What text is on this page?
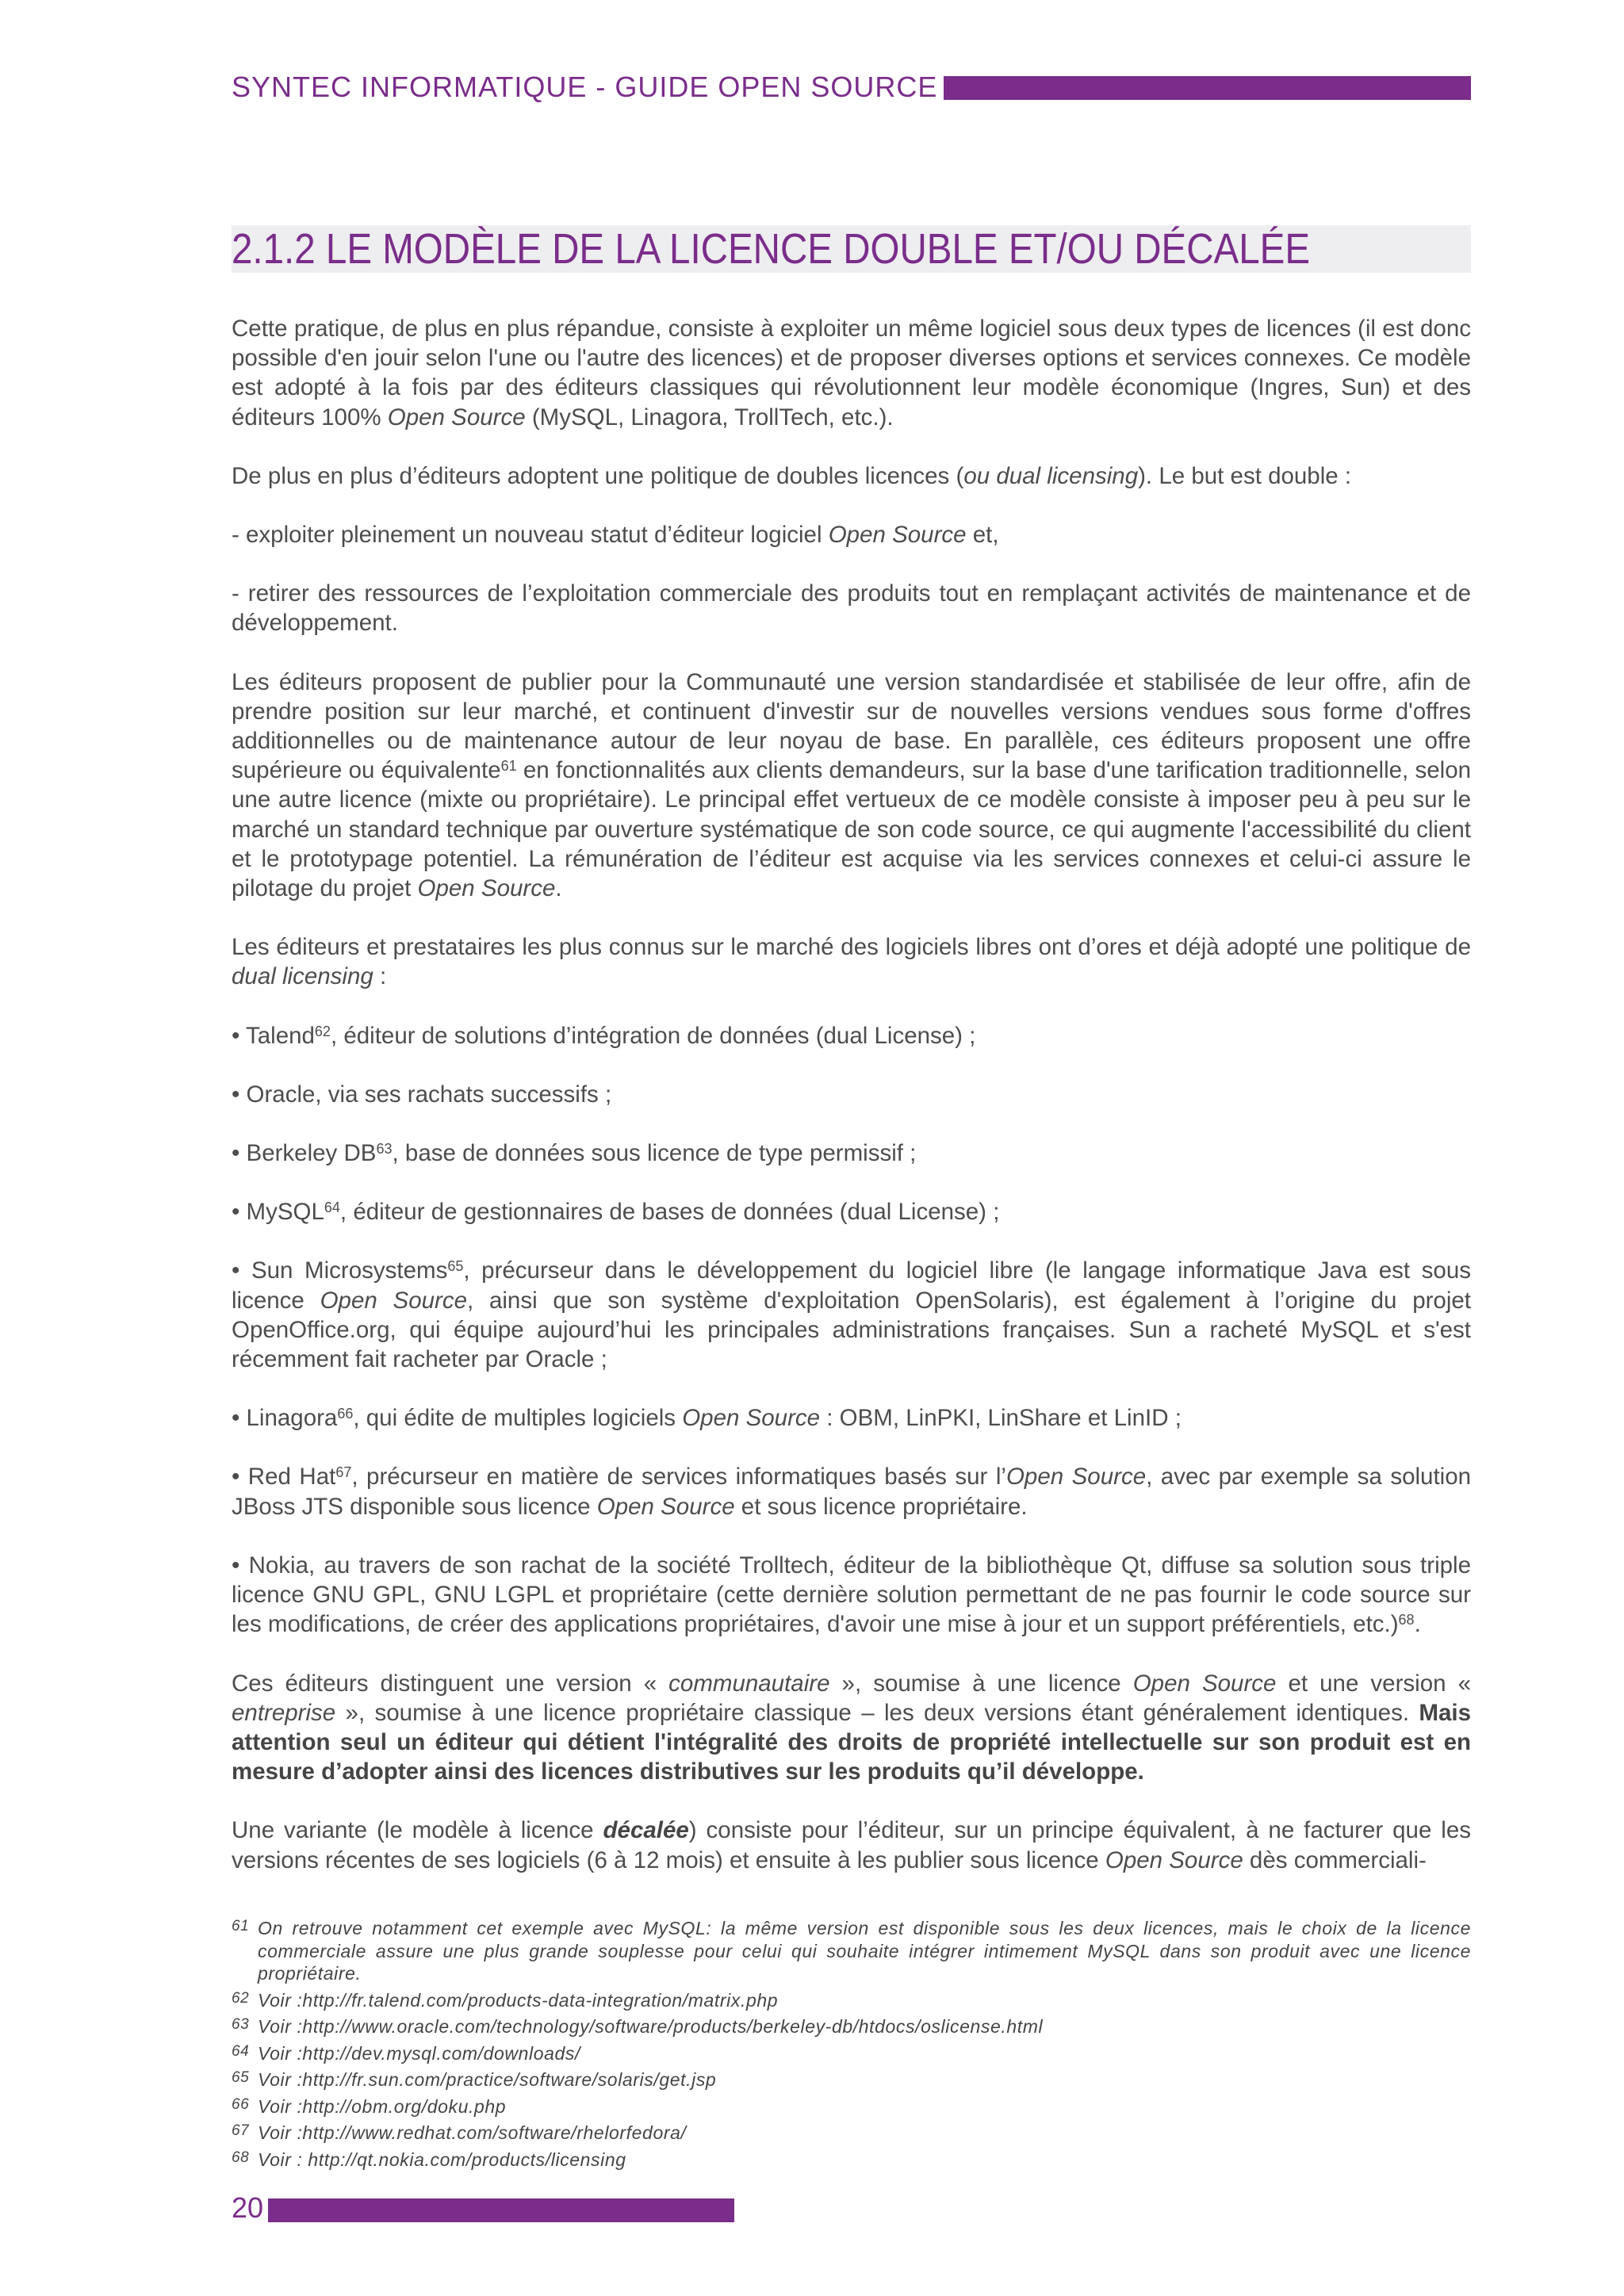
SYNTEC INFORMATIQUE - GUIDE OPEN SOURCE
2.1.2 LE MODÈLE DE LA LICENCE DOUBLE ET/OU DÉCALÉE

Cette pratique, de plus en plus répandue, consiste à exploiter un même logiciel sous deux types de licences (il est donc possible d'en jouir selon l'une ou l'autre des licences) et de proposer diverses options et services connexes. Ce modèle est adopté à la fois par des éditeurs classiques qui révolutionnent leur modèle économique (Ingres, Sun) et des éditeurs 100% Open Source (MySQL, Linagora, TrollTech, etc.).

De plus en plus d’éditeurs adoptent une politique de doubles licences (ou dual licensing). Le but est double :

- exploiter pleinement un nouveau statut d’éditeur logiciel Open Source et,

- retirer des ressources de l’exploitation commerciale des produits tout en remplaçant activités de maintenance et de développement.

Les éditeurs proposent de publier pour la Communauté une version standardisée et stabilisée de leur offre, afin de prendre position sur leur marché, et continuent d'investir sur de nouvelles versions vendues sous forme d'offres additionnelles ou de maintenance autour de leur noyau de base. En parallèle, ces éditeurs proposent une offre supérieure ou équivalente$^{61}$ en fonctionnalités aux clients demandeurs, sur la base d'une tarification traditionnelle, selon une autre licence (mixte ou propriétaire). Le principal effet vertueux de ce modèle consiste à imposer peu à peu sur le marché un standard technique par ouverture systématique de son code source, ce qui augmente l'accessibilité du client et le prototypage potentiel. La rémunération de l’éditeur est acquise via les services connexes et celui-ci assure le pilotage du projet Open Source.

Les éditeurs et prestataires les plus connus sur le marché des logiciels libres ont d’ores et déjà adopté une politique de dual licensing :

• Talend$^{62}$, éditeur de solutions d’intégration de données (dual License) ;

• Oracle, via ses rachats successifs ;

• Berkeley DB$^{63}$, base de données sous licence de type permissif ;

• MySQL$^{64}$, éditeur de gestionnaires de bases de données (dual License) ;

• Sun Microsystems$^{65}$, précurseur dans le développement du logiciel libre (le langage informatique Java est sous licence Open Source, ainsi que son système d'exploitation OpenSolaris), est également à l’origine du projet OpenOffice.org, qui équipe aujourd’hui les principales administrations françaises. Sun a racheté MySQL et s'est récemment fait racheter par Oracle ;

• Linagora$^{66}$, qui édite de multiples logiciels Open Source : OBM, LinPKI, LinShare et LinID ;

• Red Hat$^{67}$, précurseur en matière de services informatiques basés sur l’Open Source, avec par exemple sa solution JBoss JTS disponible sous licence Open Source et sous licence propriétaire.

• Nokia, au travers de son rachat de la société Trolltech, éditeur de la bibliothèque Qt, diffuse sa solution sous triple licence GNU GPL, GNU LGPL et propriétaire (cette dernière solution permettant de ne pas fournir le code source sur les modifications, de créer des applications propriétaires, d'avoir une mise à jour et un support préférentiels, etc.)$^{68}$.

Ces éditeurs distinguent une version « communautaire », soumise à une licence Open Source et une version « entreprise », soumise à une licence propriétaire classique – les deux versions étant généralement identiques. Mais attention seul un éditeur qui détient l'intégralité des droits de propriété intellectuelle sur son produit est en mesure d’adopter ainsi des licences distributives sur les produits qu’il développe.

Une variante (le modèle à licence décalée) consiste pour l’éditeur, sur un principe équivalent, à ne facturer que les versions récentes de ses logiciels (6 à 12 mois) et ensuite à les publier sous licence Open Source dès commerciali-

61 On retrouve notamment cet exemple avec MySQL: la même version est disponible sous les deux licences, mais le choix de la licence commerciale assure une plus grande souplesse pour celui qui souhaite intégrer intimement MySQL dans son produit avec une licence propriétaire.
62 Voir :http://fr.talend.com/products-data-integration/matrix.php
63 Voir :http://www.oracle.com/technology/software/products/berkeley-db/htdocs/oslicense.html
64 Voir :http://dev.mysql.com/downloads/
65 Voir :http://fr.sun.com/practice/software/solaris/get.jsp
66 Voir :http://obm.org/doku.php
67 Voir :http://www.redhat.com/software/rhelorfedora/
68 Voir : http://qt.nokia.com/products/licensing
20
